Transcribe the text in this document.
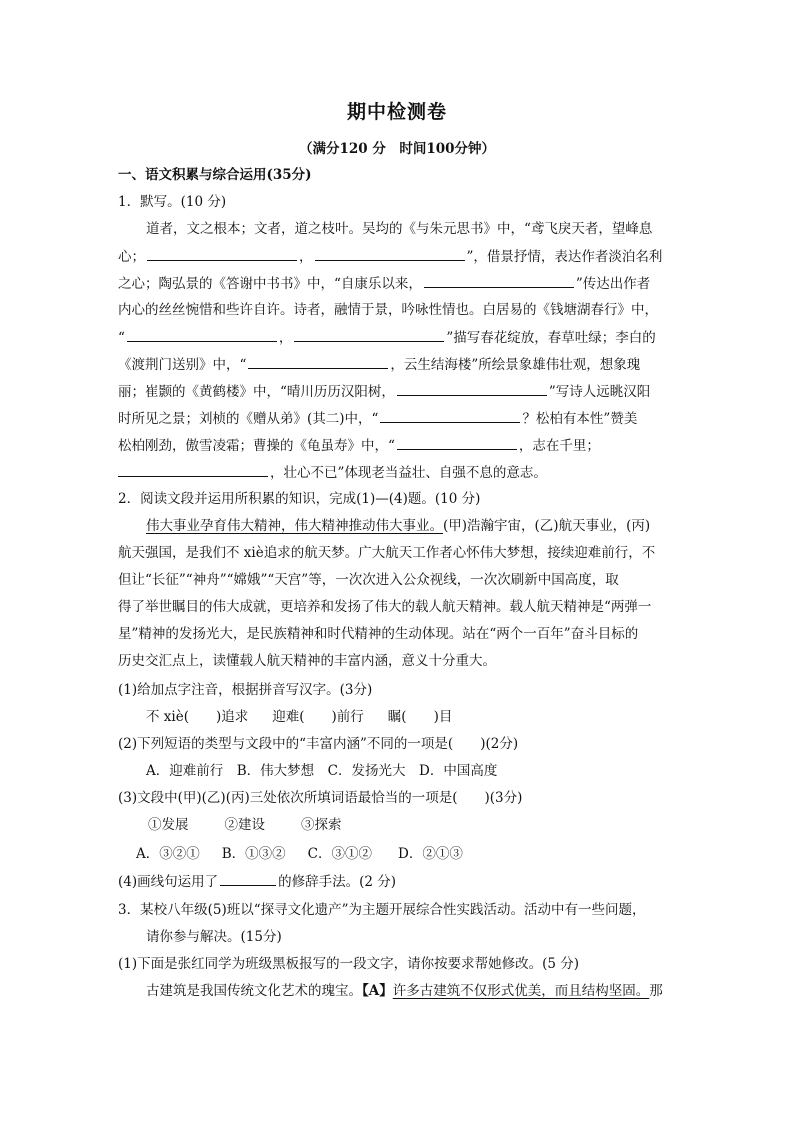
期中检测卷
（满分120 分　时间100分钟）
一、语文积累与综合运用(35分)
1．默写。(10 分)
道者，文之根本；文者，道之枝叶。吴均的《与朱元思书》中，“鸢飞戾天者，望峰息
心；	，	”，借景抒情，表达作者淡泊名利
之心；陶弘景的《答谢中书书》中，“自康乐以来，	”传达出作者
内心的丝丝惋惜和些许自许。诗者，融情于景，吟咏性情也。白居易的《钱塘湖春行》中，
“	，	”描写春花绽放，春草吐绿；李白的
《渡荆门送别》中，“	，云生结海楼”所绘景象雄伟壮观，想象瑰
丽；崔颢的《黄鹤楼》中，“晴川历历汉阳树，	”写诗人远眺汉阳
时所见之景；刘桢的《赠从弟》(其二)中，“	？松柏有本性”赞美
松柏刚劲，傲雪凌霜；曹操的《龟虽寿》中，“	，志在千里；
，壮心不已”体现老当益壮、自强不息的意志。
2．阅读文段并运用所积累的知识，完成(1)—(4)题。(10 分)
伟大事业孕育伟大精神，伟大精神推动伟大事业。(甲)浩瀚宇宙，(乙)航天事业，(丙)
航天强国，是我们不 xiè追求的航天梦。广大航天工作者心怀伟大梦想，接续迎难前行，不
但让“长征”“神舟”“嫦娥”“天宫”等，一次次进入公众视线，一次次刷新中国高度，取
得了举世瞩目的伟大成就，更培养和发扬了伟大的载人航天精神。载人航天精神是“两弹一
星”精神的发扬光大，是民族精神和时代精神的生动体现。站在“两个一百年”奋斗目标的
历史交汇点上，读懂载人航天精神的丰富内涵，意义十分重大。
(1)给加点字注音，根据拼音写汉字。(3分)
不 xiè(　　)追求 迎难(　　)前行 瞩(　　)目
(2)下列短语的类型与文段中的“丰富内涵”不同的一项是(　　)(2分)
A．迎难前行　B．伟大梦想　C．发扬光大　D．中国高度
(3)文段中(甲)(乙)(丙)三处依次所填词语最恰当的一项是(　　)(3分)
①发展	②建设	③探索
A．③②① B．①③② C．③①② D．②①③
(4)画线句运用了	的修辞手法。(2 分)
3．某校八年级(5)班以“探寻文化遗产”为主题开展综合性实践活动。活动中有一些问题，
请你参与解决。(15分)
(1)下面是张红同学为班级黑板报写的一段文字，请你按要求帮她修改。(5 分)
古建筑是我国传统文化艺术的瑰宝。【A】许多古建筑不仅形式优美，而且结构坚固。那
